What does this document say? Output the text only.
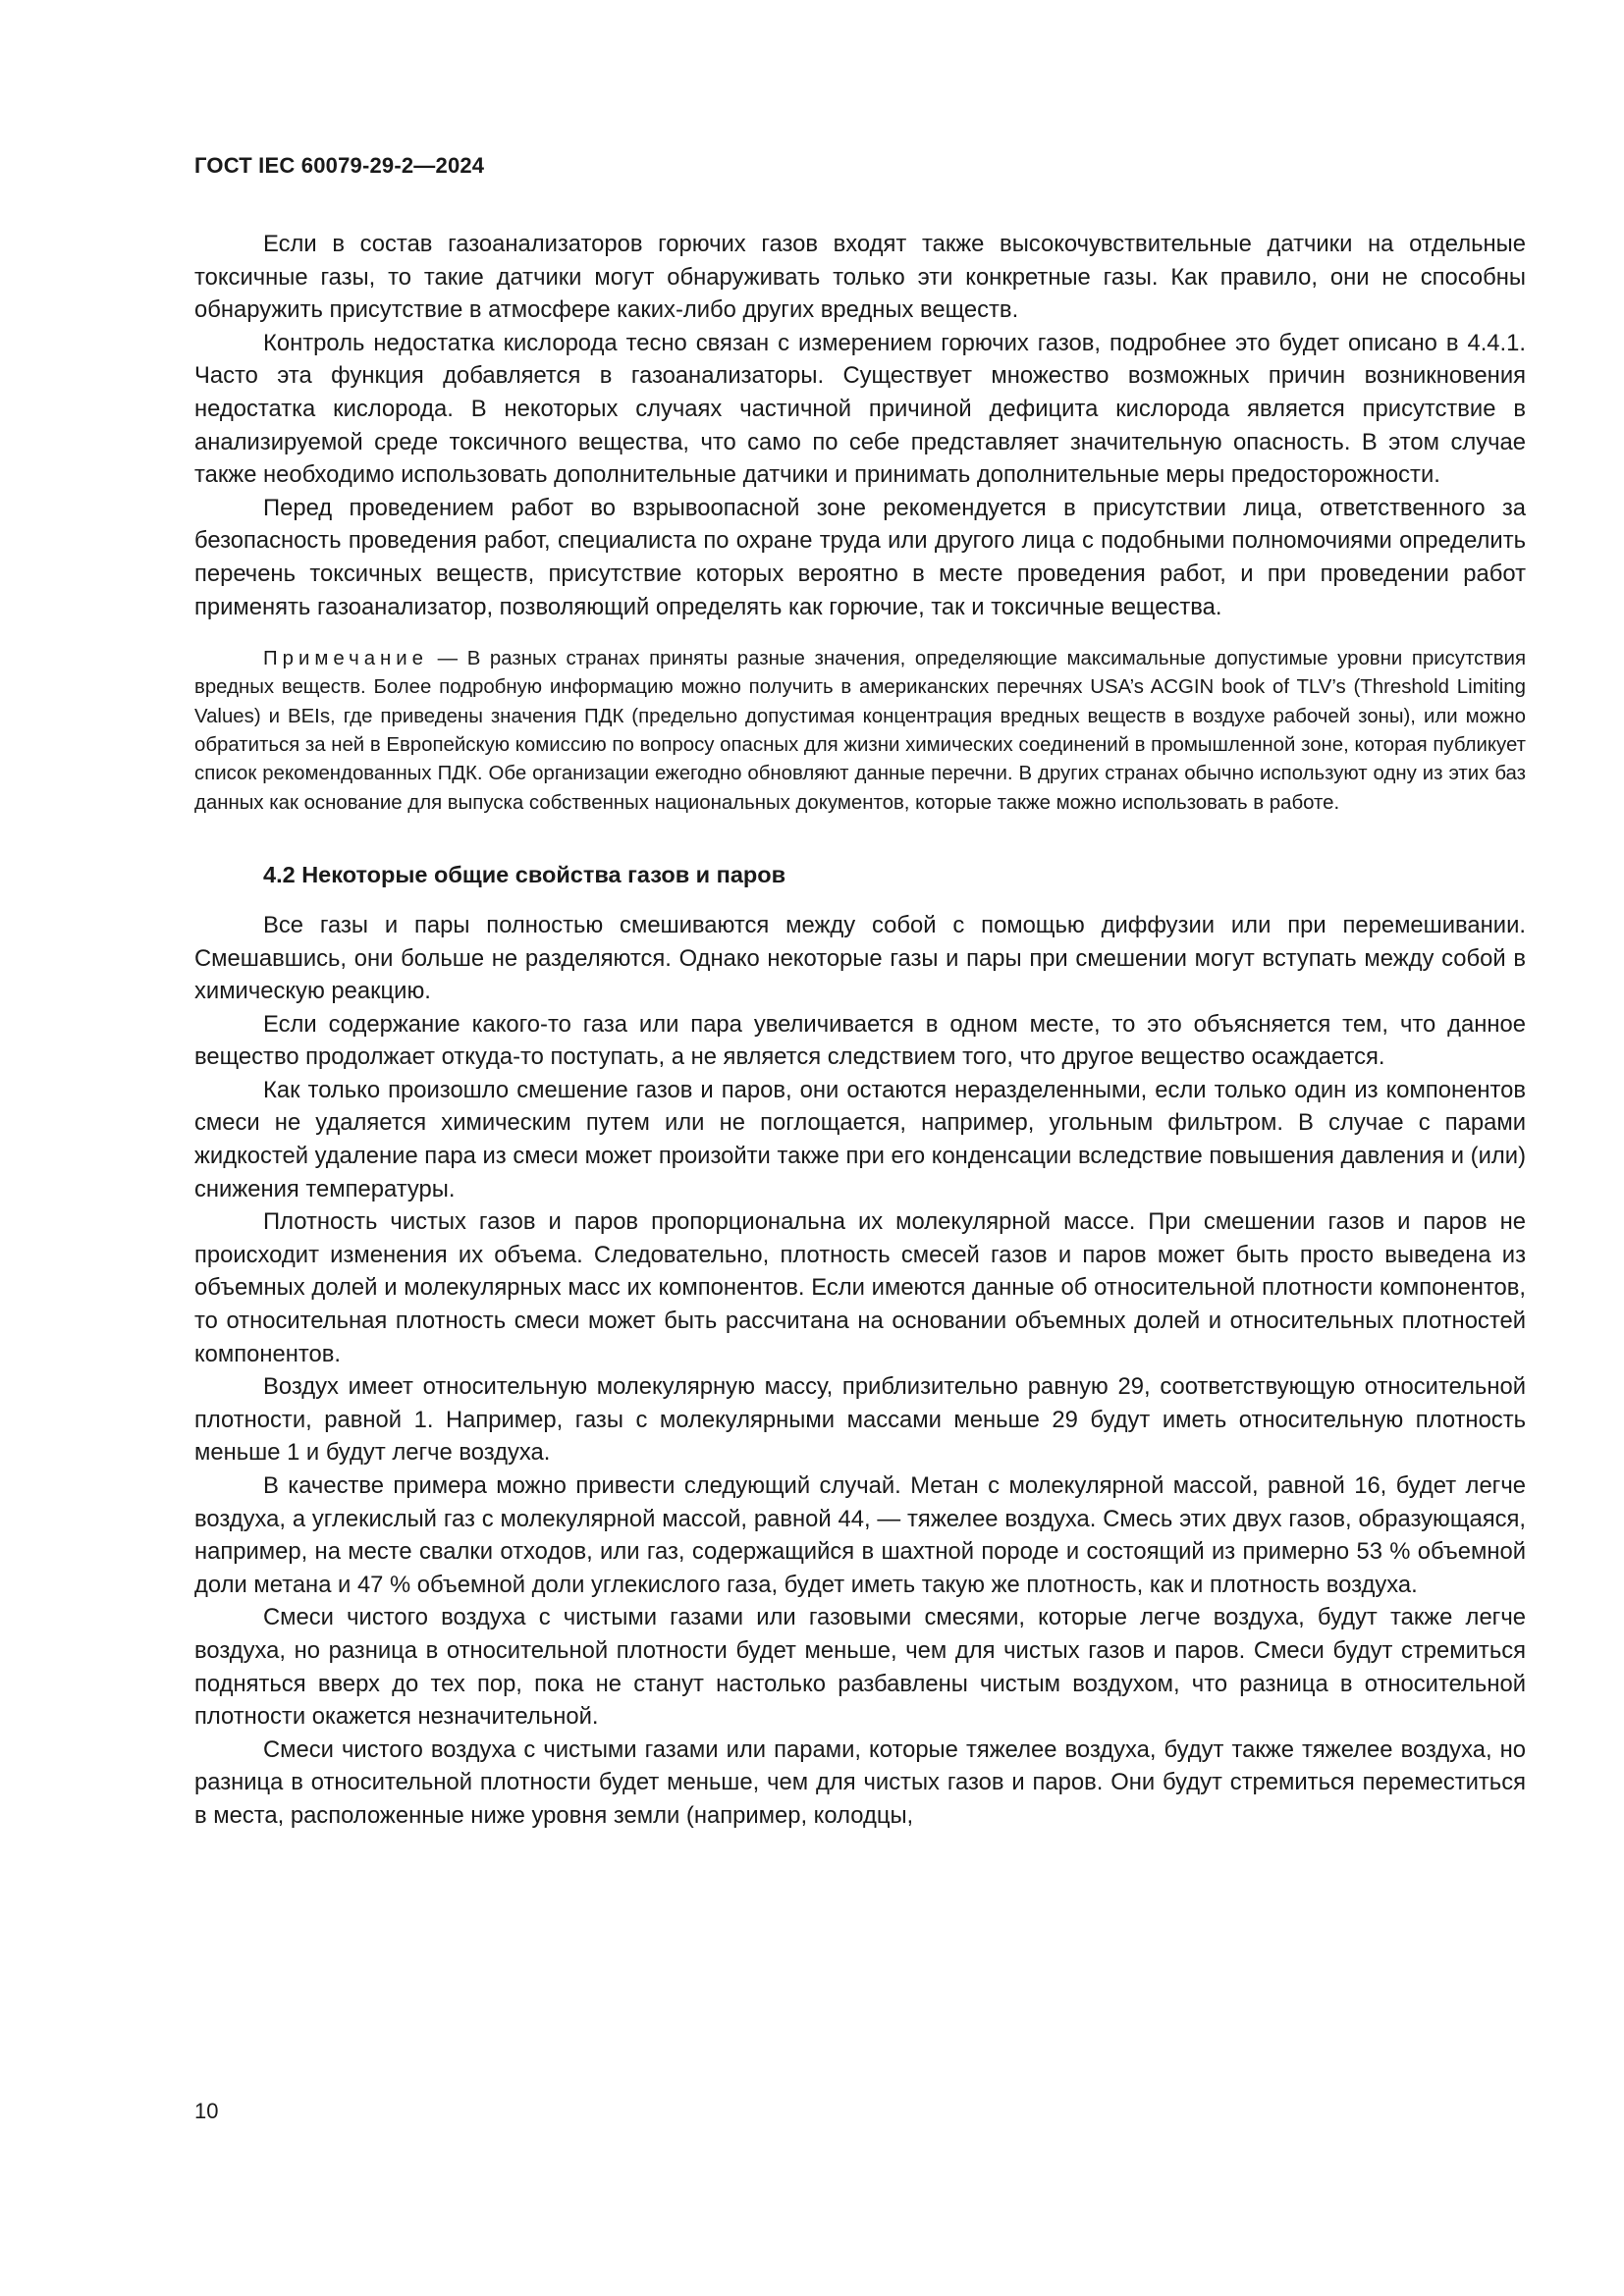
ГОСТ IEC 60079-29-2—2024

Если в состав газоанализаторов горючих газов входят также высокочувствительные датчики на отдельные токсичные газы, то такие датчики могут обнаруживать только эти конкретные газы. Как правило, они не способны обнаружить присутствие в атмосфере каких-либо других вредных веществ.

Контроль недостатка кислорода тесно связан с измерением горючих газов, подробнее это будет описано в 4.4.1. Часто эта функция добавляется в газоанализаторы. Существует множество возможных причин возникновения недостатка кислорода. В некоторых случаях частичной причиной дефицита кислорода является присутствие в анализируемой среде токсичного вещества, что само по себе представляет значительную опасность. В этом случае также необходимо использовать дополнительные датчики и принимать дополнительные меры предосторожности.

Перед проведением работ во взрывоопасной зоне рекомендуется в присутствии лица, ответственного за безопасность проведения работ, специалиста по охране труда или другого лица с подобными полномочиями определить перечень токсичных веществ, присутствие которых вероятно в месте проведения работ, и при проведении работ применять газоанализатор, позволяющий определять как горючие, так и токсичные вещества.

Примечание — В разных странах приняты разные значения, определяющие максимальные допустимые уровни присутствия вредных веществ. Более подробную информацию можно получить в американских перечнях USA’s ACGIN book of TLV’s (Threshold Limiting Values) и BEIs, где приведены значения ПДК (предельно допустимая концентрация вредных веществ в воздухе рабочей зоны), или можно обратиться за ней в Европейскую комиссию по вопросу опасных для жизни химических соединений в промышленной зоне, которая публикует список рекомендованных ПДК. Обе организации ежегодно обновляют данные перечни. В других странах обычно используют одну из этих баз данных как основание для выпуска собственных национальных документов, которые также можно использовать в работе.

4.2 Некоторые общие свойства газов и паров

Все газы и пары полностью смешиваются между собой с помощью диффузии или при перемешивании. Смешавшись, они больше не разделяются. Однако некоторые газы и пары при смешении могут вступать между собой в химическую реакцию.

Если содержание какого-то газа или пара увеличивается в одном месте, то это объясняется тем, что данное вещество продолжает откуда-то поступать, а не является следствием того, что другое вещество осаждается.

Как только произошло смешение газов и паров, они остаются неразделенными, если только один из компонентов смеси не удаляется химическим путем или не поглощается, например, угольным фильтром. В случае с парами жидкостей удаление пара из смеси может произойти также при его конденсации вследствие повышения давления и (или) снижения температуры.

Плотность чистых газов и паров пропорциональна их молекулярной массе. При смешении газов и паров не происходит изменения их объема. Следовательно, плотность смесей газов и паров может быть просто выведена из объемных долей и молекулярных масс их компонентов. Если имеются данные об относительной плотности компонентов, то относительная плотность смеси может быть рассчитана на основании объемных долей и относительных плотностей компонентов.

Воздух имеет относительную молекулярную массу, приблизительно равную 29, соответствующую относительной плотности, равной 1. Например, газы с молекулярными массами меньше 29 будут иметь относительную плотность меньше 1 и будут легче воздуха.

В качестве примера можно привести следующий случай. Метан с молекулярной массой, равной 16, будет легче воздуха, а углекислый газ с молекулярной массой, равной 44, — тяжелее воздуха. Смесь этих двух газов, образующаяся, например, на месте свалки отходов, или газ, содержащийся в шахтной породе и состоящий из примерно 53 % объемной доли метана и 47 % объемной доли углекислого газа, будет иметь такую же плотность, как и плотность воздуха.

Смеси чистого воздуха с чистыми газами или газовыми смесями, которые легче воздуха, будут также легче воздуха, но разница в относительной плотности будет меньше, чем для чистых газов и паров. Смеси будут стремиться подняться вверх до тех пор, пока не станут настолько разбавлены чистым воздухом, что разница в относительной плотности окажется незначительной.

Смеси чистого воздуха с чистыми газами или парами, которые тяжелее воздуха, будут также тяжелее воздуха, но разница в относительной плотности будет меньше, чем для чистых газов и паров. Они будут стремиться переместиться в места, расположенные ниже уровня земли (например, колодцы,

10
